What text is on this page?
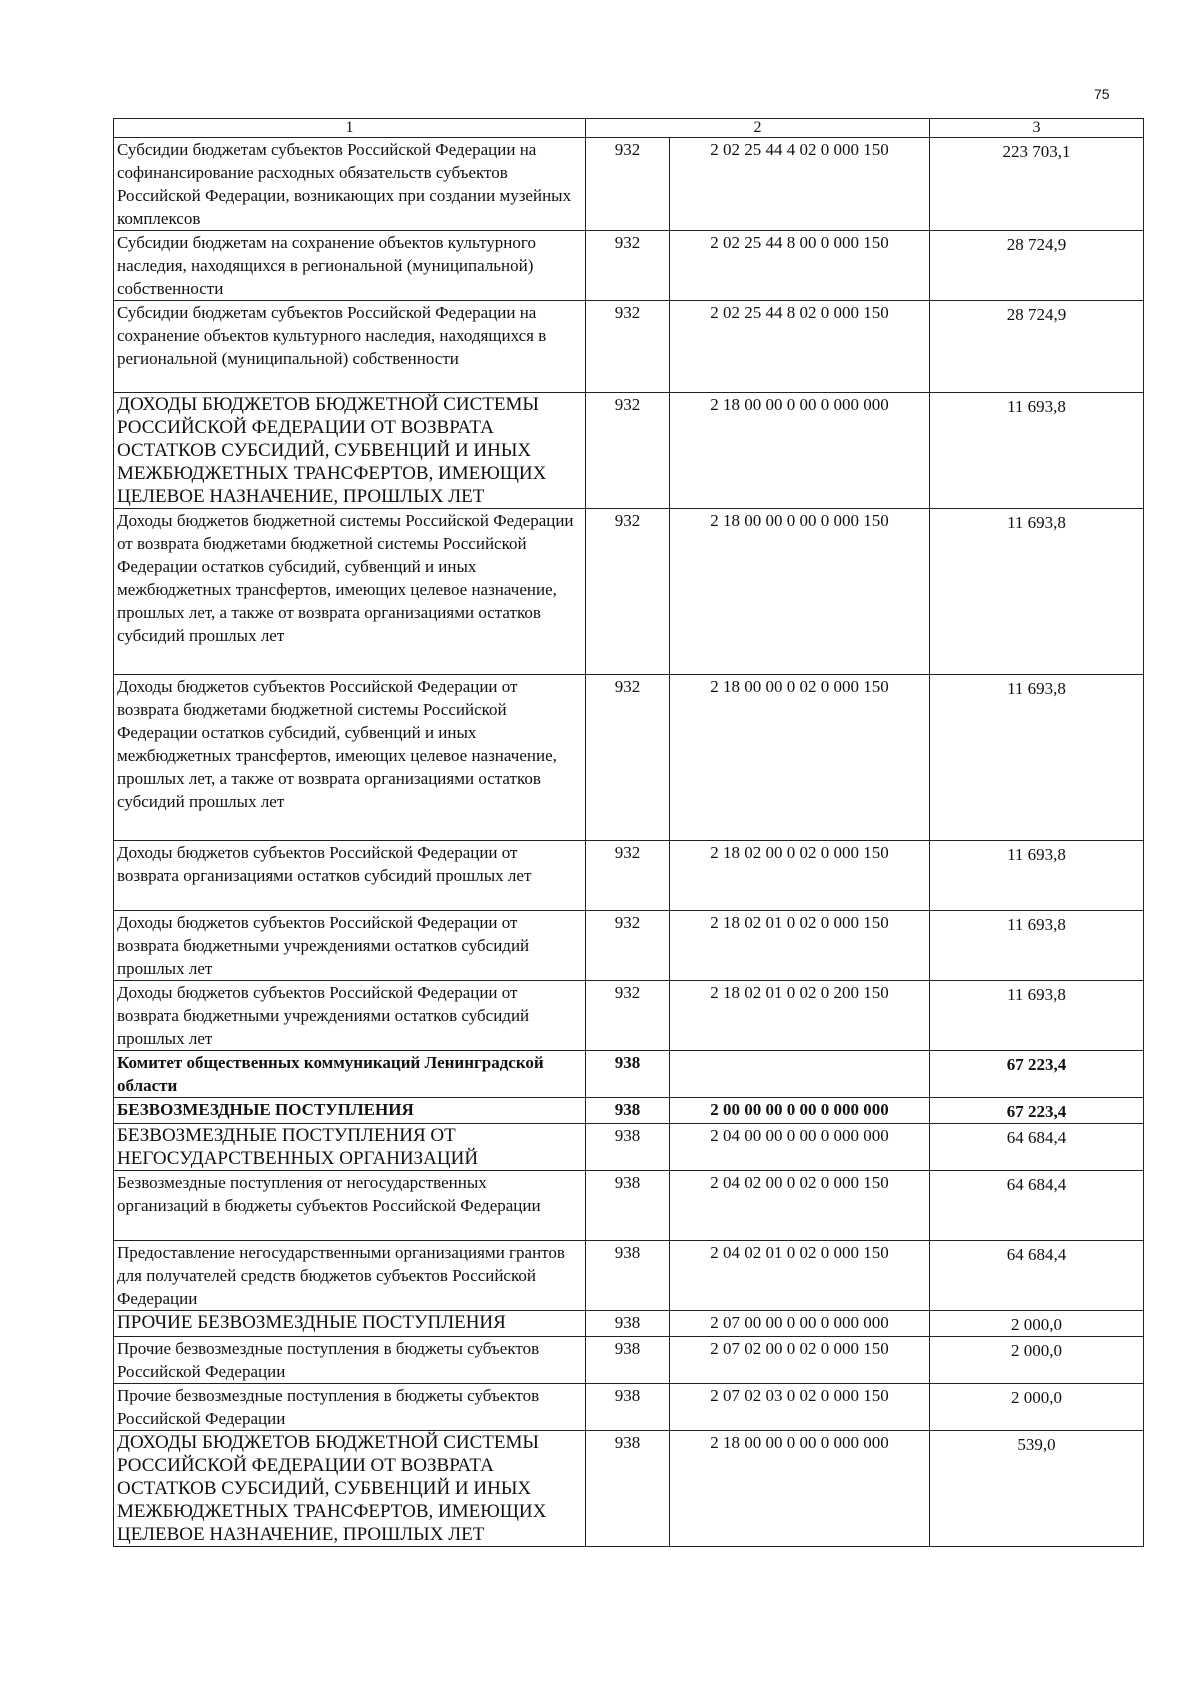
75
1	2		3
Субсидии бюджетам субъектов Российской Федерации на софинансирование расходных обязательств субъектов Российской Федерации, возникающих при создании музейных комплексов	932	2 02 25 44 4 02 0 000 150	223 703,1
Субсидии бюджетам на сохранение объектов культурного наследия, находящихся в региональной (муниципальной) собственности	932	2 02 25 44 8 00 0 000 150	28 724,9
Субсидии бюджетам субъектов Российской Федерации на сохранение объектов культурного наследия, находящихся в региональной (муниципальной) собственности	932	2 02 25 44 8 02 0 000 150	28 724,9
ДОХОДЫ БЮДЖЕТОВ БЮДЖЕТНОЙ СИСТЕМЫ РОССИЙСКОЙ ФЕДЕРАЦИИ ОТ ВОЗВРАТА ОСТАТКОВ СУБСИДИЙ, СУБВЕНЦИЙ И ИНЫХ МЕЖБЮДЖЕТНЫХ ТРАНСФЕРТОВ, ИМЕЮЩИХ ЦЕЛЕВОЕ НАЗНАЧЕНИЕ, ПРОШЛЫХ ЛЕТ	932	2 18 00 00 0 00 0 000 000	11 693,8
Доходы бюджетов бюджетной системы Российской Федерации от возврата бюджетами бюджетной системы Российской Федерации остатков субсидий, субвенций и иных межбюджетных трансфертов, имеющих целевое назначение, прошлых лет, а также от возврата организациями остатков субсидий прошлых лет	932	2 18 00 00 0 00 0 000 150	11 693,8
Доходы бюджетов субъектов Российской Федерации от возврата бюджетами бюджетной системы Российской Федерации остатков субсидий, субвенций и иных межбюджетных трансфертов, имеющих целевое назначение, прошлых лет, а также от возврата организациями остатков субсидий прошлых лет	932	2 18 00 00 0 02 0 000 150	11 693,8
Доходы бюджетов субъектов Российской Федерации от возврата организациями остатков субсидий прошлых лет	932	2 18 02 00 0 02 0 000 150	11 693,8
Доходы бюджетов субъектов Российской Федерации от возврата бюджетными учреждениями остатков субсидий прошлых лет	932	2 18 02 01 0 02 0 000 150	11 693,8
Доходы бюджетов субъектов Российской Федерации от возврата бюджетными учреждениями остатков субсидий прошлых лет	932	2 18 02 01 0 02 0 200 150	11 693,8
Комитет общественных коммуникаций Ленинградской области	938		67 223,4
БЕЗВОЗМЕЗДНЫЕ ПОСТУПЛЕНИЯ	938	2 00 00 00 0 00 0 000 000	67 223,4
БЕЗВОЗМЕЗДНЫЕ ПОСТУПЛЕНИЯ ОТ НЕГОСУДАРСТВЕННЫХ ОРГАНИЗАЦИЙ	938	2 04 00 00 0 00 0 000 000	64 684,4
Безвозмездные поступления от негосударственных организаций в бюджеты субъектов Российской Федерации	938	2 04 02 00 0 02 0 000 150	64 684,4
Предоставление негосударственными организациями грантов для получателей средств бюджетов субъектов Российской Федерации	938	2 04 02 01 0 02 0 000 150	64 684,4
ПРОЧИЕ БЕЗВОЗМЕЗДНЫЕ ПОСТУПЛЕНИЯ	938	2 07 00 00 0 00 0 000 000	2 000,0
Прочие безвозмездные поступления в бюджеты субъектов Российской Федерации	938	2 07 02 00 0 02 0 000 150	2 000,0
Прочие безвозмездные поступления в бюджеты субъектов Российской Федерации	938	2 07 02 03 0 02 0 000 150	2 000,0
ДОХОДЫ БЮДЖЕТОВ БЮДЖЕТНОЙ СИСТЕМЫ РОССИЙСКОЙ ФЕДЕРАЦИИ ОТ ВОЗВРАТА ОСТАТКОВ СУБСИДИЙ, СУБВЕНЦИЙ И ИНЫХ МЕЖБЮДЖЕТНЫХ ТРАНСФЕРТОВ, ИМЕЮЩИХ ЦЕЛЕВОЕ НАЗНАЧЕНИЕ, ПРОШЛЫХ ЛЕТ	938	2 18 00 00 0 00 0 000 000	539,0
